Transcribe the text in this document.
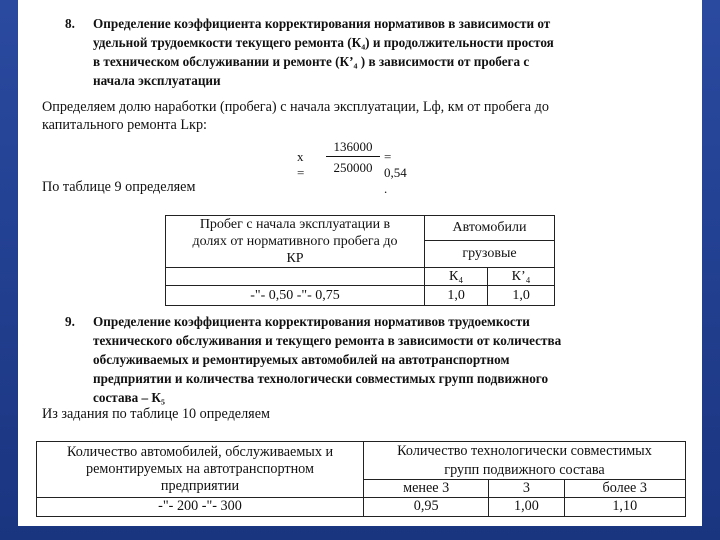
8. Определение коэффициента корректирования нормативов в зависимости от

удельной трудоемкости текущего ремонта (К₄) и продолжительности простоя

в техническом обслуживании и ремонте (К’₄ ) в зависимости от пробега с

начала эксплуатации

Определяем долю наработки (пробега) с начала эксплуатации, Lф, км от пробега до

капитального ремонта Lкр:

x =
136000
250000
= 0,54 .
По таблице 9 определяем
Пробег с начала эксплуатации в
долях от нормативного пробега до
КР	Автомобили	
	грузовые	
	К₄	К’₄
-"- 0,50 -"- 0,75	1,0	1,0
9. Определение коэффициента корректирования нормативов трудоемкости

технического обслуживания и текущего ремонта в зависимости от количества

обслуживаемых и ремонтируемых автомобилей на автотранспортном

предприятии и количества технологически совместимых групп подвижного

состава – К₅

Из задания по таблице 10 определяем
Количество автомобилей, обслуживаемых и
ремонтируемых на автотранспортном
предприятии	Количество технологически совместимых		
	групп подвижного состава		
	менее 3	3	более 3
-"- 200 -"- 300	0,95	1,00	1,10
